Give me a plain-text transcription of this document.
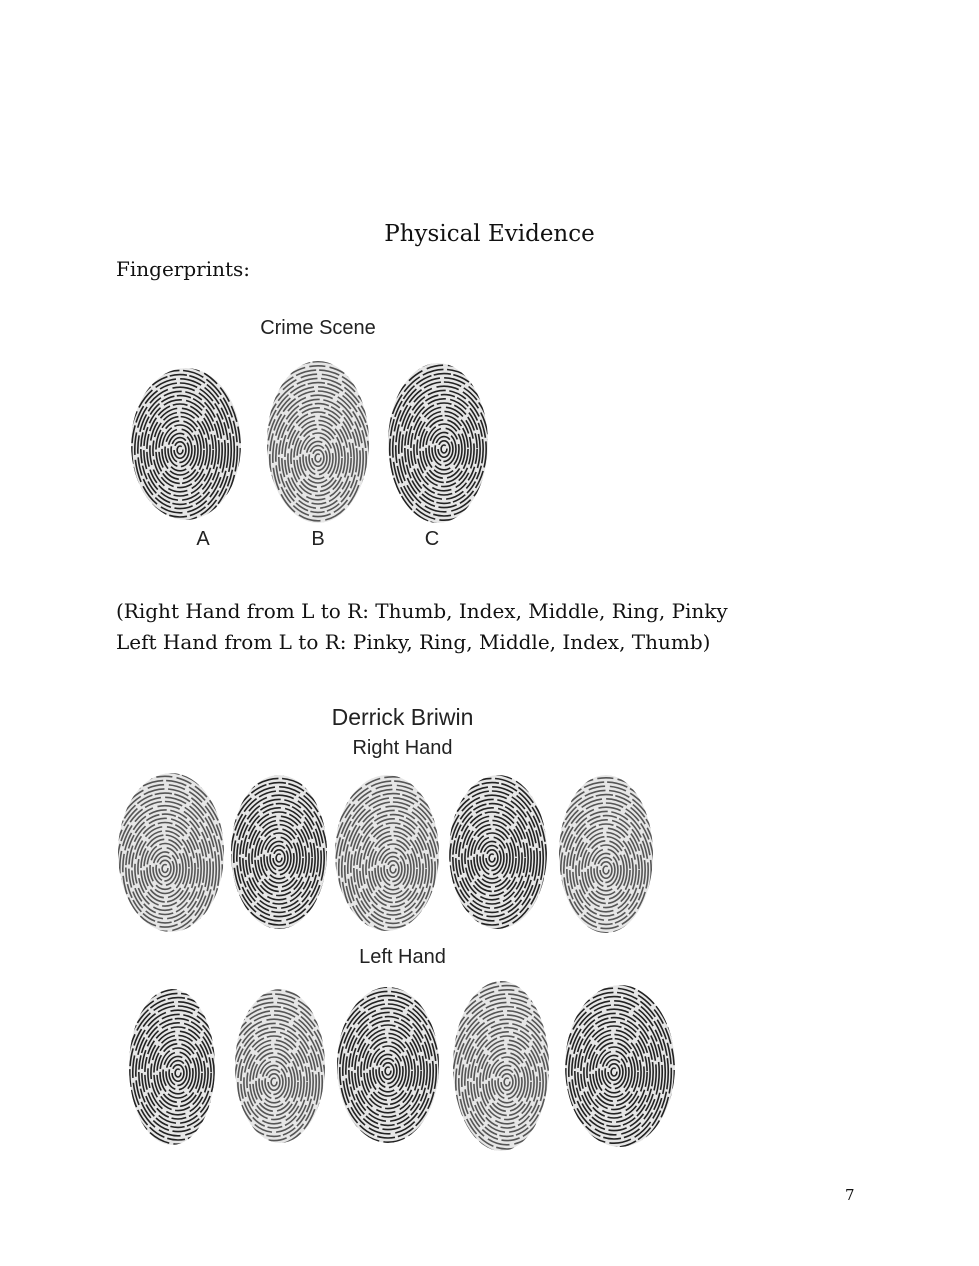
Physical Evidence
Fingerprints:
Crime Scene
A	B	C
(Right Hand from L to R: Thumb, Index, Middle, Ring, Pinky
Left Hand from L to R: Pinky, Ring, Middle, Index, Thumb)
Derrick Briwin
Right Hand
Left Hand
7
